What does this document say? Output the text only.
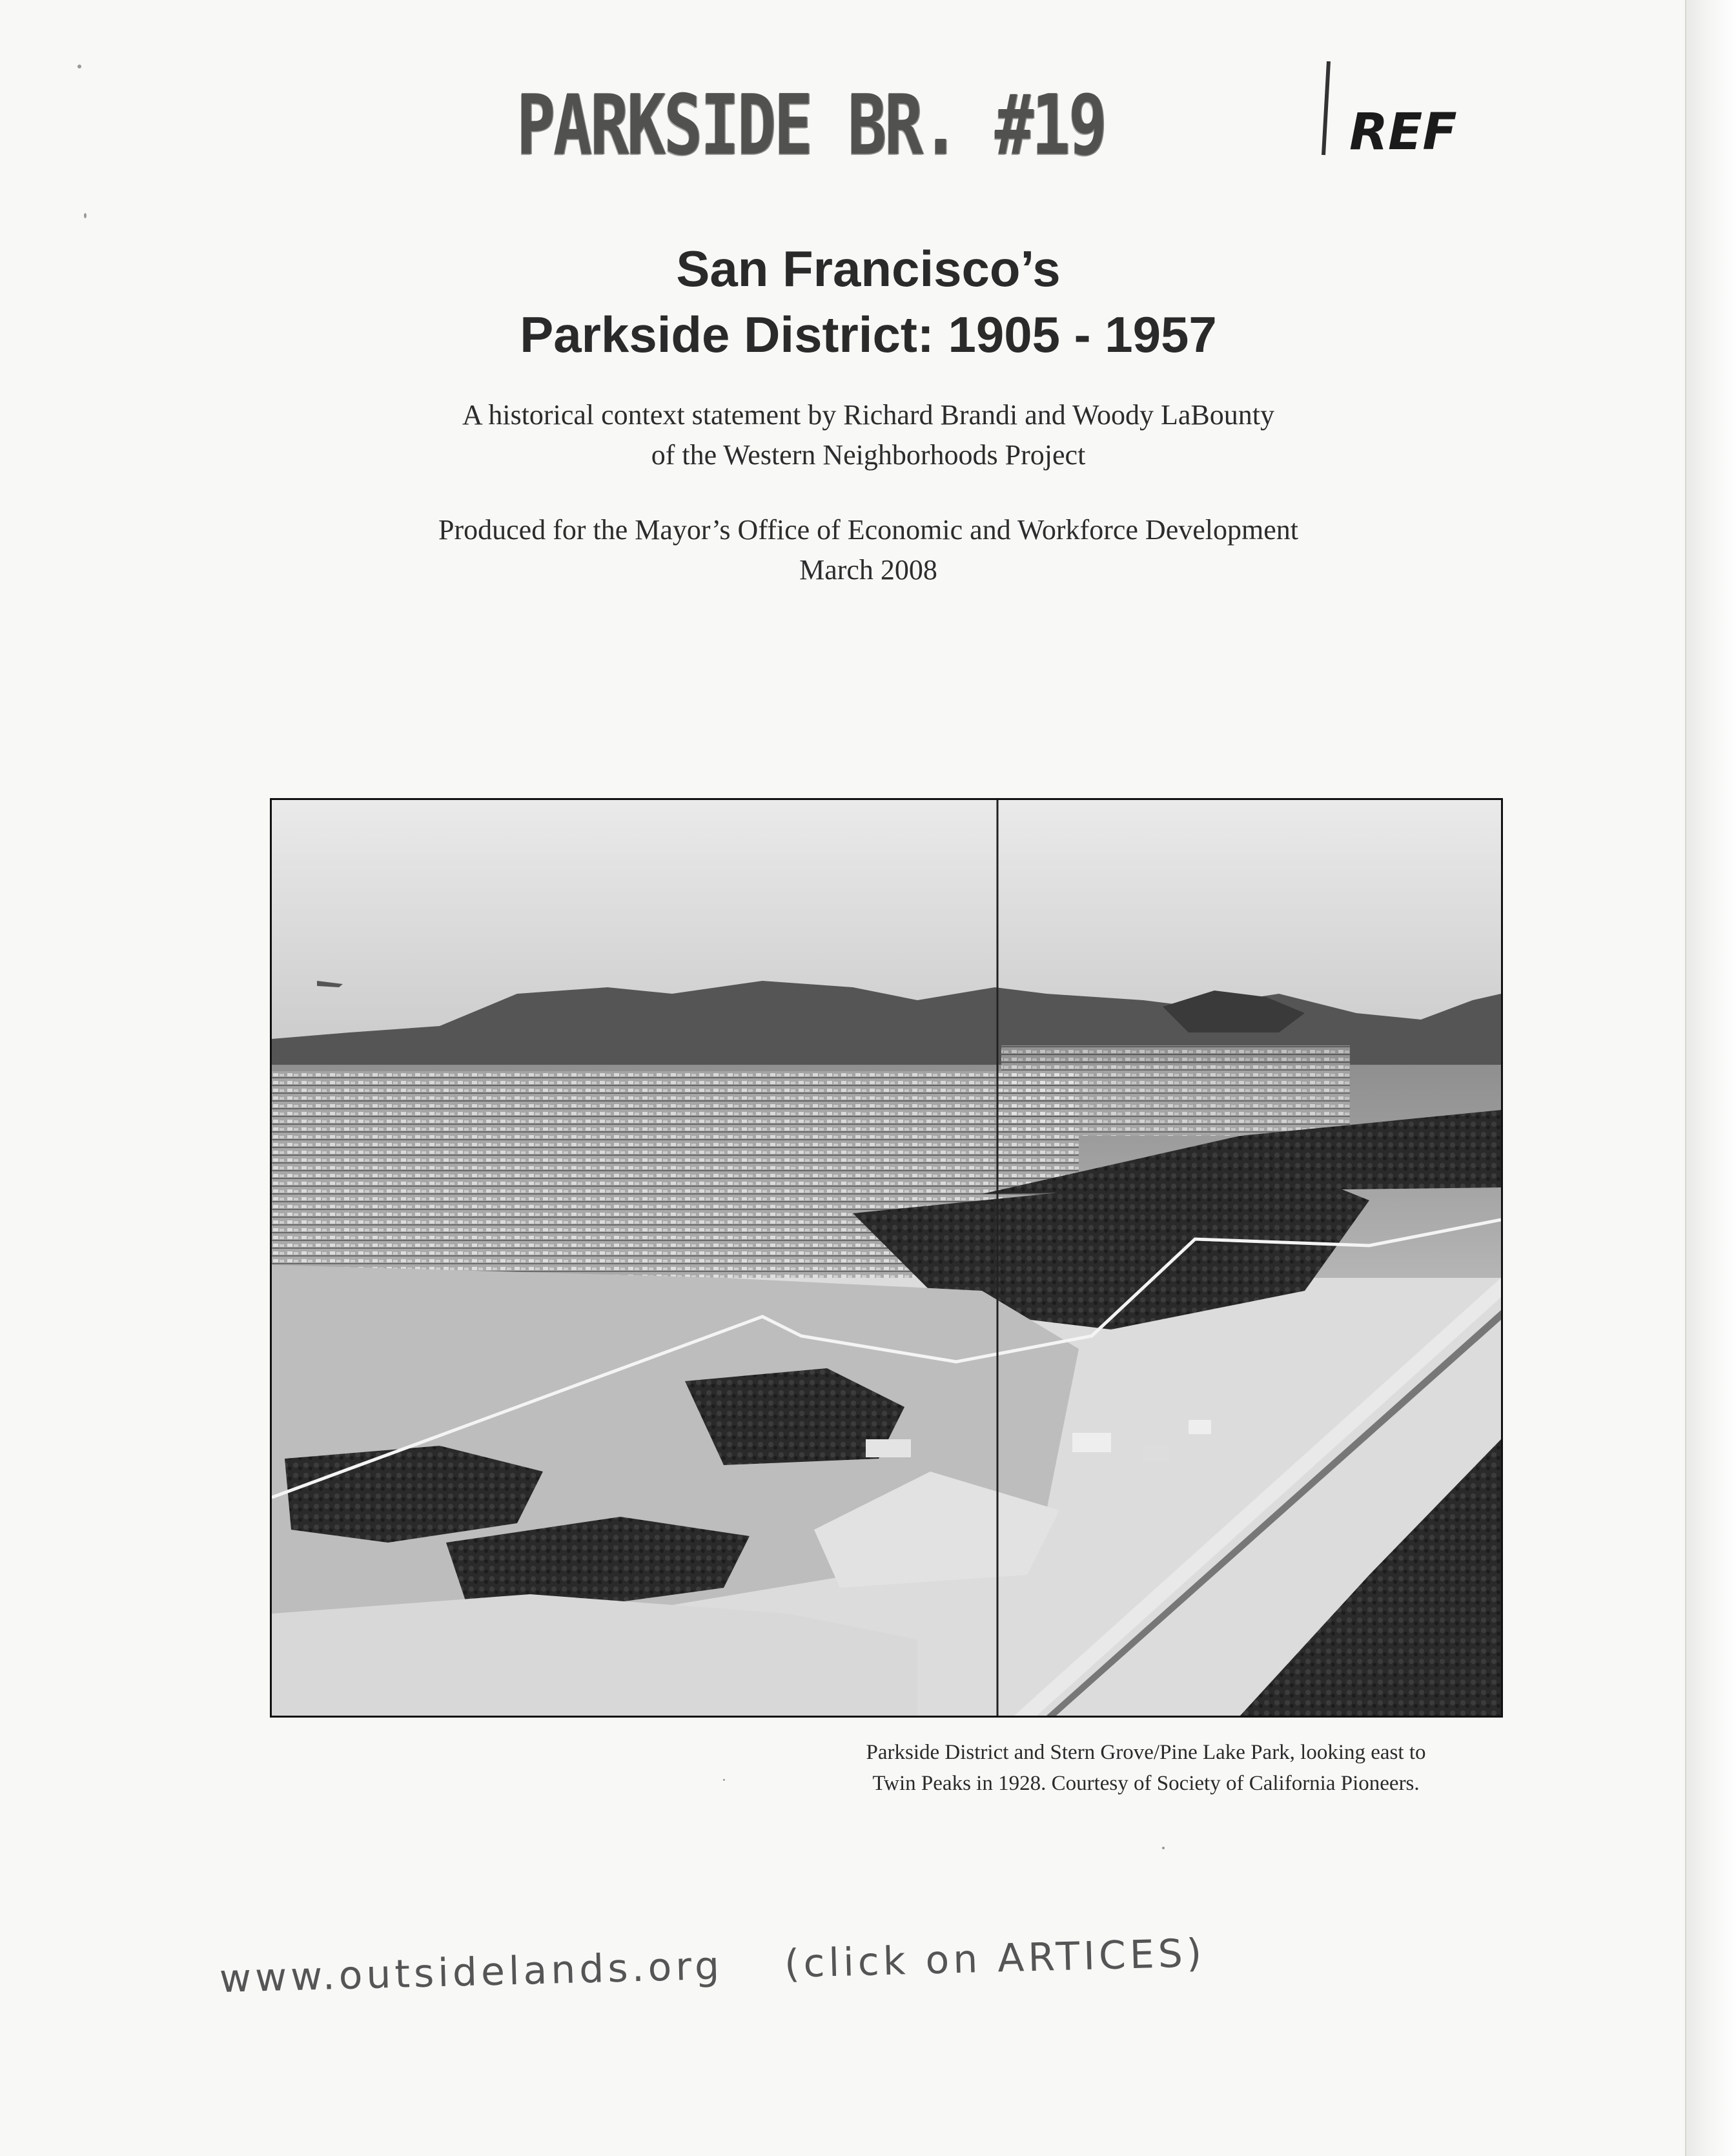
PARKSIDE BR. #19	REF
San Francisco’s
Parkside District: 1905 - 1957
A historical context statement by Richard Brandi and Woody LaBounty
of the Western Neighborhoods Project
Produced for the Mayor’s Office of Economic and Workforce Development
March 2008
Parkside District and Stern Grove/Pine Lake Park, looking east to
Twin Peaks in 1928. Courtesy of Society of California Pioneers.
www.outsidelands.org (click on ARTICES)
